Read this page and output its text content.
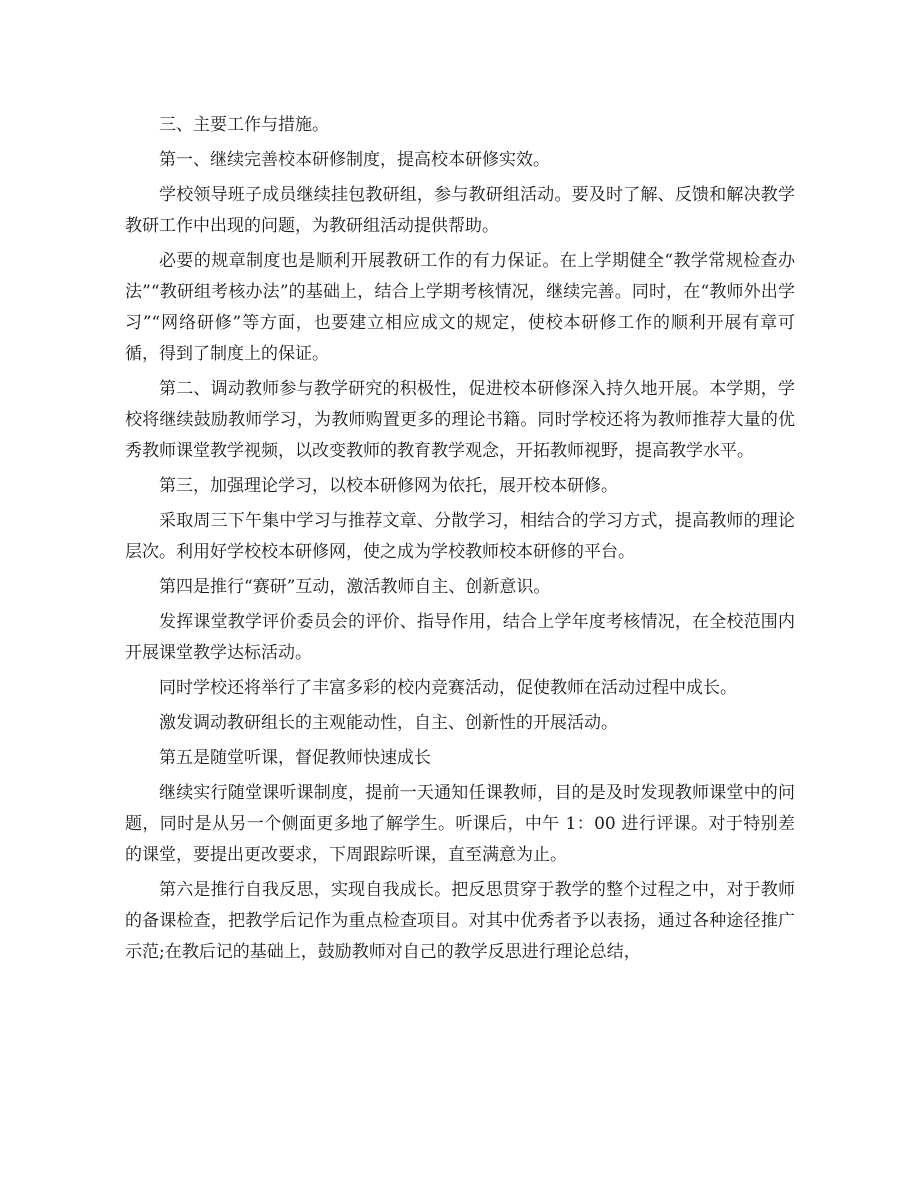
三、主要工作与措施。

第一、继续完善校本研修制度，提高校本研修实效。

学校领导班子成员继续挂包教研组，参与教研组活动。要及时了解、反馈和解决教学教研工作中出现的问题，为教研组活动提供帮助。

必要的规章制度也是顺利开展教研工作的有力保证。在上学期健全“教学常规检查办法”“教研组考核办法”的基础上，结合上学期考核情况，继续完善。同时，在“教师外出学习”“网络研修”等方面，也要建立相应成文的规定，使校本研修工作的顺利开展有章可循，得到了制度上的保证。

第二、调动教师参与教学研究的积极性，促进校本研修深入持久地开展。本学期，学校将继续鼓励教师学习，为教师购置更多的理论书籍。同时学校还将为教师推荐大量的优秀教师课堂教学视频，以改变教师的教育教学观念，开拓教师视野，提高教学水平。

第三，加强理论学习，以校本研修网为依托，展开校本研修。

采取周三下午集中学习与推荐文章、分散学习，相结合的学习方式，提高教师的理论层次。利用好学校校本研修网，使之成为学校教师校本研修的平台。

第四是推行“赛研”互动，激活教师自主、创新意识。

发挥课堂教学评价委员会的评价、指导作用，结合上学年度考核情况，在全校范围内开展课堂教学达标活动。

同时学校还将举行了丰富多彩的校内竞赛活动，促使教师在活动过程中成长。

激发调动教研组长的主观能动性，自主、创新性的开展活动。

第五是随堂听课，督促教师快速成长

继续实行随堂课听课制度，提前一天通知任课教师，目的是及时发现教师课堂中的问题，同时是从另一个侧面更多地了解学生。听课后，中午 1：00 进行评课。对于特别差的课堂，要提出更改要求，下周跟踪听课，直至满意为止。

第六是推行自我反思，实现自我成长。把反思贯穿于教学的整个过程之中，对于教师的备课检查，把教学后记作为重点检查项目。对其中优秀者予以表扬，通过各种途径推广示范;在教后记的基础上，鼓励教师对自己的教学反思进行理论总结，
